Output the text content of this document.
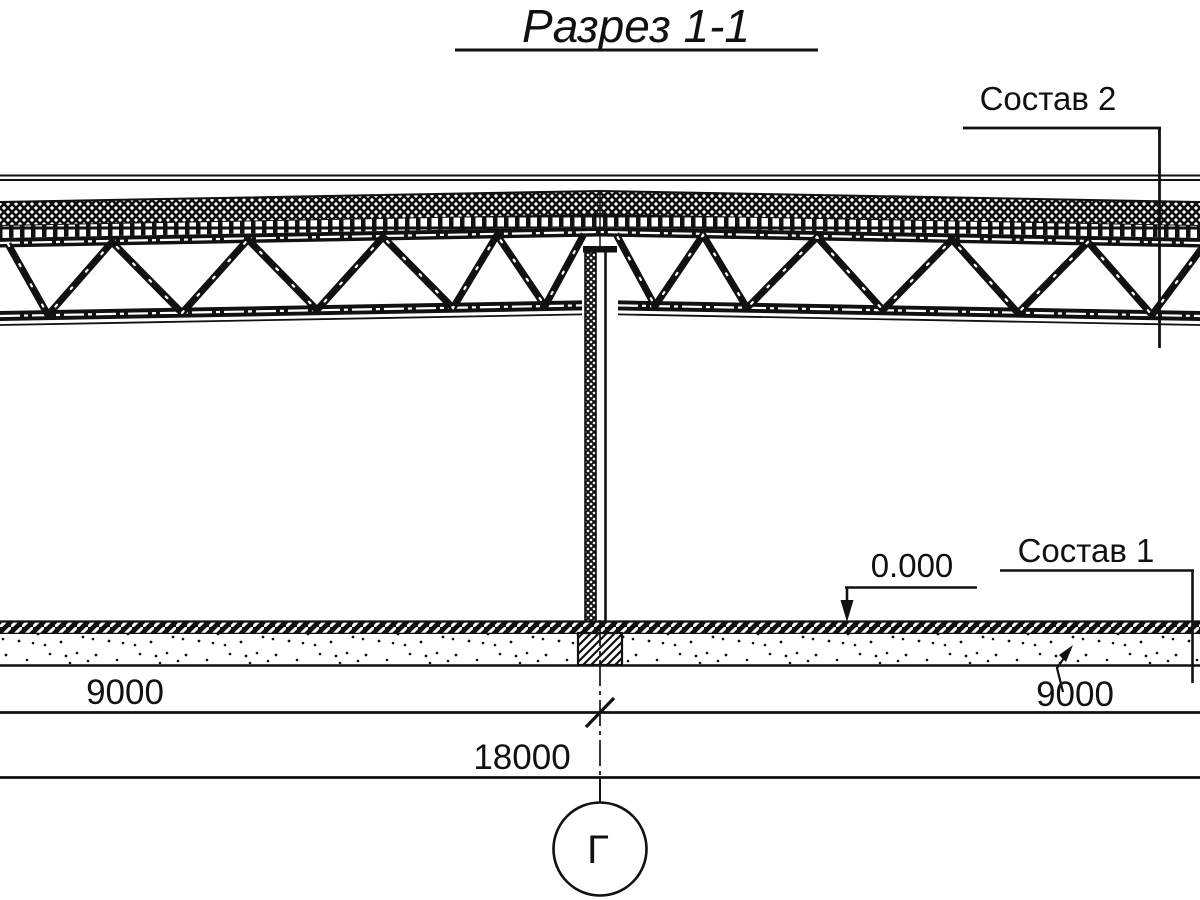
Разрез 1-1
Состав 2
0.000 Состав 1
9000	9000
18000
Г
